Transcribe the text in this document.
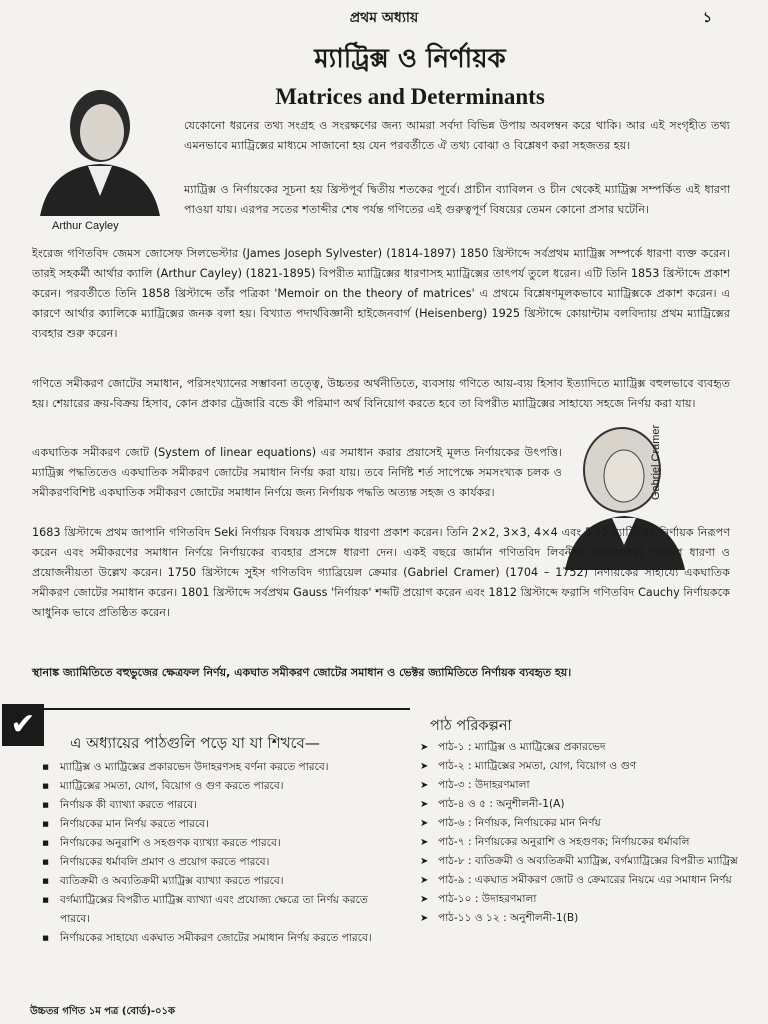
প্রথম অধ্যায়	১
ম্যাট্রিক্স ও নির্ণায়ক
Matrices and Determinants
Arthur Cayley

যেকোনো ধরনের তথ্য সংগ্রহ ও সংরক্ষণের জন্য আমরা সর্বদা বিভিন্ন উপায় অবলম্বন করে থাকি। আর এই সংগৃহীত তথ্য এমনভাবে ম্যাট্রিক্সের মাধ্যমে সাজানো হয় যেন পরবর্তীতে ঐ তথ্য বোঝা ও বিশ্লেষণ করা সহজতর হয়।

ম্যাট্রিক্স ও নির্ণায়কের সূচনা হয় খ্রিস্টপূর্ব দ্বিতীয় শতকের পূর্বে। প্রাচীন ব্যাবিলন ও চীন থেকেই ম্যাট্রিক্স সম্পর্কিত এই ধারণা পাওয়া যায়। এরপর সতের শতাব্দীর শেষ পর্যন্ত গণিতের এই গুরুত্বপূর্ণ বিষয়ের তেমন কোনো প্রসার ঘটেনি।

ইংরেজ গণিতবিদ জেমস জোসেফ সিলভেস্টার (James Joseph Sylvester) (1814-1897) 1850 খ্রিস্টাব্দে সর্বপ্রথম ম্যাট্রিক্স সম্পর্কে ধারণা ব্যক্ত করেন। তারই সহকর্মী আর্থার ক্যালি (Arthur Cayley) (1821-1895) বিপরীত ম্যাট্রিক্সের ধারণাসহ ম্যাট্রিক্সের তাৎপর্য তুলে ধরেন। এটি তিনি 1853 খ্রিস্টাব্দে প্রকাশ করেন। পরবর্তীতে তিনি 1858 খ্রিস্টাব্দে তাঁর পত্রিকা 'Memoir on the theory of matrices' এ প্রথমে বিশ্লেষণমূলকভাবে ম্যাট্রিক্সকে প্রকাশ করেন। এ কারণে আর্থার ক্যালিকে ম্যাট্রিক্সের জনক বলা হয়। বিখ্যাত পদার্থবিজ্ঞানী হাইজেনবার্গ (Heisenberg) 1925 খ্রিস্টাব্দে কোয়ান্টাম বলবিদ্যায় প্রথম ম্যাট্রিক্সের ব্যবহার শুরু করেন।

গণিতে সমীকরণ জোটের সমাধান, পরিসংখ্যানের সম্ভাবনা তত্ত্বে, উচ্চতর অর্থনীতিতে, ব্যবসায় গণিতে আয়-ব্যয় হিসাব ইত্যাদিতে ম্যাট্রিক্স বহুলভাবে ব্যবহৃত হয়। শেয়ারের ক্রয়-বিক্রয় হিসাব, কোন প্রকার ট্রেজারি বন্ডে কী পরিমাণ অর্থ বিনিয়োগ করতে হবে তা বিপরীত ম্যাট্রিক্সের সাহায্যে সহজে নির্ণয় করা যায়।

Gabriel Cramer

একঘাতিক সমীকরণ জোট (System of linear equations) এর সমাধান করার প্রয়াসেই মূলত নির্ণায়কের উৎপত্তি। ম্যাট্রিক্স পদ্ধতিতেও একঘাতিক সমীকরণ জোটের সমাধান নির্ণয় করা যায়। তবে নির্দিষ্ট শর্ত সাপেক্ষে সমসংখ্যক চলক ও সমীকরণবিশিষ্ট একঘাতিক সমীকরণ জোটের সমাধান নির্ণয়ে জন্য নির্ণায়ক পদ্ধতি অত্যন্ত সহজ ও কার্যকর।

1683 খ্রিস্টাব্দে প্রথম জাপানি গণিতবিদ Seki নির্ণায়ক বিষয়ক প্রাথমিক ধারণা প্রকাশ করেন। তিনি 2×2, 3×3, 4×4 এবং 5×5 ম্যাট্রিক্সের নির্ণায়ক নিরূপণ করেন এবং সমীকরণের সমাধান নির্ণয়ে নির্ণায়কের ব্যবহার প্রসঙ্গে ধারণা দেন। একই বছরে জার্মান গণিতবিদ লিবনীজ (Leibnitz) অনুরূপ ধারণা ও প্রয়োজনীয়তা উল্লেখ করেন। 1750 খ্রিস্টাব্দে সুইস গণিতবিদ গ্যাব্রিয়েল ক্রেমার (Gabriel Cramer) (1704 – 1752) নির্ণায়কের সাহায্যে একঘাতিক সমীকরণ জোটের সমাধান করেন। 1801 খ্রিস্টাব্দে সর্বপ্রথম Gauss 'নির্ণায়ক' শব্দটি প্রয়োগ করেন এবং 1812 খ্রিস্টাব্দে ফরাসি গণিতবিদ Cauchy নির্ণায়ককে আধুনিক ভাবে প্রতিষ্ঠিত করেন।

স্থানাঙ্ক জ্যামিতিতে বহুভুজের ক্ষেত্রফল নির্ণয়, একঘাত সমীকরণ জোটের সমাধান ও ভেক্টর জ্যামিতিতে নির্ণায়ক ব্যবহৃত হয়।

✔
এ অধ্যায়ের পাঠগুলি পড়ে যা যা শিখবে—
▪ ম্যাট্রিক্স ও ম্যাট্রিক্সের প্রকারভেদ উদাহরণসহ বর্ণনা করতে পারবে।
▪ ম্যাট্রিক্সের সমতা, যোগ, বিয়োগ ও গুণ করতে পারবে।
▪ নির্ণায়ক কী ব্যাখ্যা করতে পারবে।
▪ নির্ণায়কের মান নির্ণয় করতে পারবে।
▪ নির্ণায়কের অনুরাশি ও সহগুণক ব্যাখ্যা করতে পারবে।
▪ নির্ণায়কের ধর্মাবলি প্রমাণ ও প্রয়োগ করতে পারবে।
▪ ব্যতিক্রমী ও অব্যতিক্রমী ম্যাট্রিক্স ব্যাখ্যা করতে পারবে।
▪ বর্গম্যাট্রিক্সের বিপরীত ম্যাট্রিক্স ব্যাখ্যা এবং প্রযোজ্য ক্ষেত্রে তা নির্ণয় করতে পারবে।
▪ নির্ণায়কের সাহায্যে একঘাত সমীকরণ জোটের সমাধান নির্ণয় করতে পারবে।
পাঠ পরিকল্পনা
➤ পাঠ-১ : ম্যাট্রিক্স ও ম্যাট্রিক্সের প্রকারভেদ
➤ পাঠ-২ : ম্যাট্রিক্সের সমতা, যোগ, বিয়োগ ও গুণ
➤ পাঠ-৩ : উদাহরণমালা
➤ পাঠ-৪ ও ৫ : অনুশীলনী-1(A)
➤ পাঠ-৬ : নির্ণায়ক, নির্ণায়কের মান নির্ণয়
➤ পাঠ-৭ : নির্ণায়কের অনুরাশি ও সহগুণক; নির্ণায়কের ধর্মাবলি
➤ পাঠ-৮ : ব্যতিক্রমী ও অব্যতিক্রমী ম্যাট্রিক্স, বর্গম্যাট্রিক্সের বিপরীত ম্যাট্রিক্স
➤ পাঠ-৯ : একঘাত সমীকরণ জোট ও ক্রেমারের নিয়মে এর সমাধান নির্ণয়
➤ পাঠ-১০ : উদাহরণমালা
➤ পাঠ-১১ ও ১২ : অনুশীলনী-1(B)
উচ্চতর গণিত ১ম পত্র (বোর্ড)-০১ক
